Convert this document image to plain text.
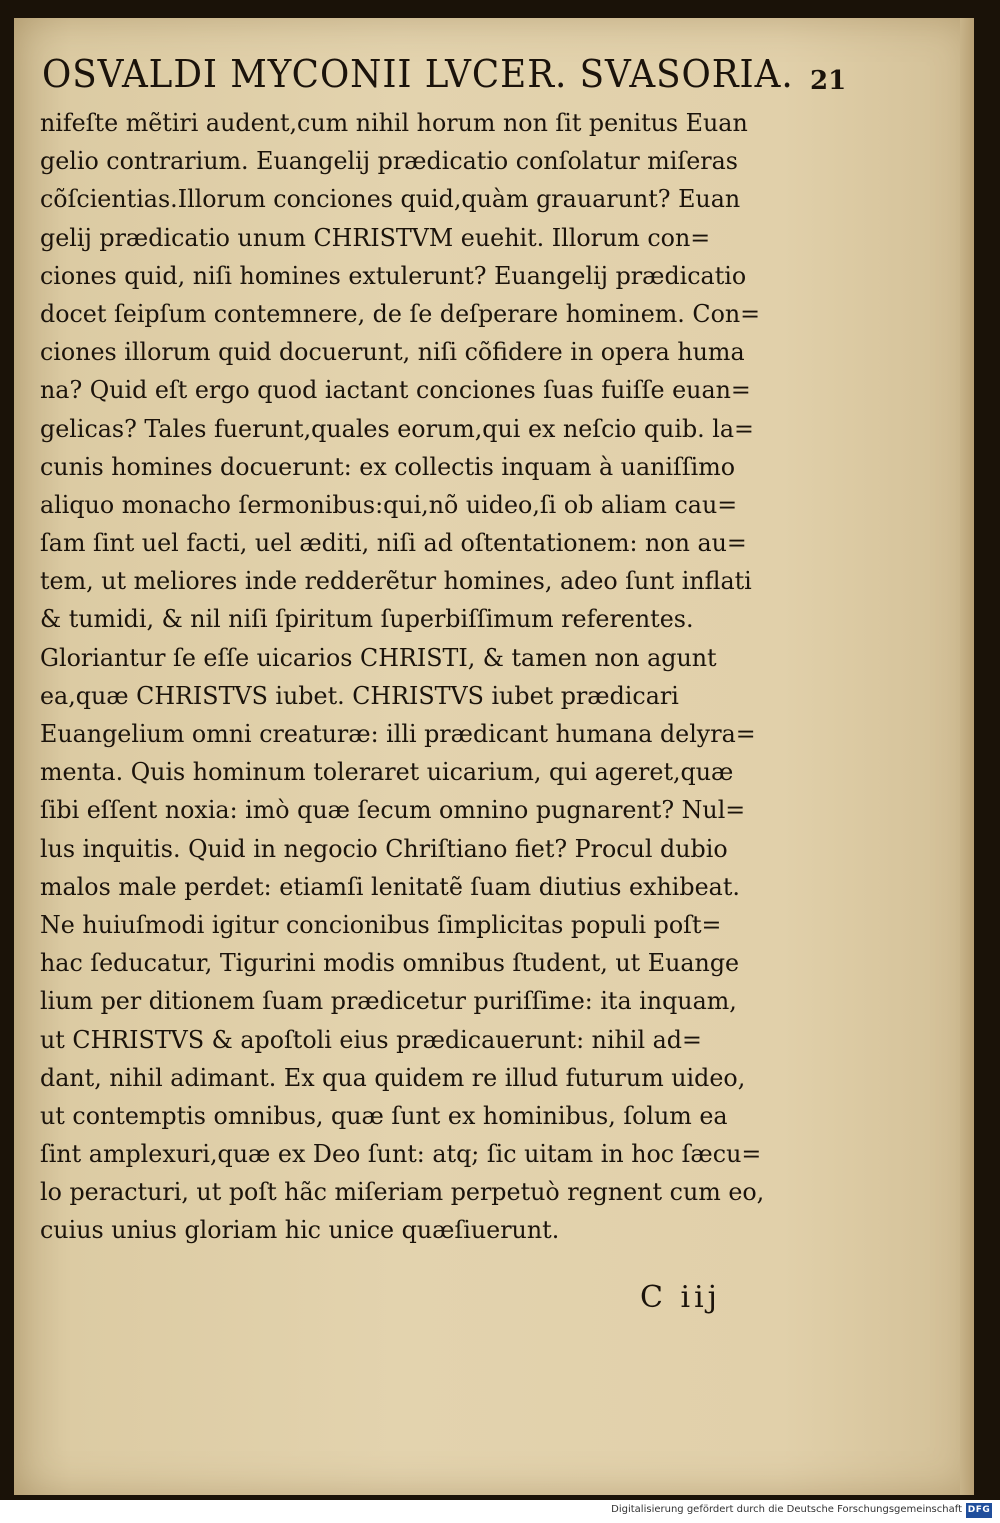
OSVALDI MYCONII LVCER. SVASORIA. 21
nifeſte mẽtiri audent,cum nihil horum non ſit penitus Euan
gelio contrarium. Euangelij prædicatio conſolatur miſeras
cõſcientias.Illorum conciones quid,quàm grauarunt? Euan
gelij prædicatio unum CHRISTVM euehit. Illorum con=
ciones quid, niſi homines extulerunt? Euangelij prædicatio
docet ſeipſum contemnere, de ſe deſperare hominem. Con=
ciones illorum quid docuerunt, niſi cõfidere in opera huma
na? Quid eſt ergo quod iactant conciones ſuas fuiſſe euan=
gelicas? Tales fuerunt,quales eorum,qui ex neſcio quib. la=
cunis homines docuerunt: ex collectis inquam à uaniſſimo
aliquo monacho ſermonibus:qui,nõ uideo,ſi ob aliam cau=
ſam ſint uel facti, uel æditi, niſi ad oſtentationem: non au=
tem, ut meliores inde redderẽtur homines, adeo ſunt inflati
& tumidi, & nil niſi ſpiritum ſuperbiſſimum referentes.
Gloriantur ſe eſſe uicarios CHRISTI, & tamen non agunt
ea,quæ CHRISTVS iubet. CHRISTVS iubet prædicari
Euangelium omni creaturæ: illi prædicant humana delyra=
menta. Quis hominum toleraret uicarium, qui ageret,quæ
ſibi eſſent noxia: imò quæ ſecum omnino pugnarent? Nul=
lus inquitis. Quid in negocio Chriſtiano fiet? Procul dubio
malos male perdet: etiamſi lenitatẽ ſuam diutius exhibeat.
Ne huiuſmodi igitur concionibus ſimplicitas populi poſt=
hac ſeducatur, Tigurini modis omnibus ſtudent, ut Euange
lium per ditionem ſuam prædicetur puriſſime: ita inquam,
ut CHRISTVS & apoſtoli eius prædicauerunt: nihil ad=
dant, nihil adimant. Ex qua quidem re illud futurum uideo,
ut contemptis omnibus, quæ ſunt ex hominibus, ſolum ea
ſint amplexuri,quæ ex Deo ſunt: atq; ſic uitam in hoc ſæcu=
lo peracturi, ut poſt hãc miſeriam perpetuò regnent cum eo,
cuius unius gloriam hic unice quæſiuerunt.
C iij
Digitalisierung gefördert durch die Deutsche Forschungsgemeinschaft DFG
